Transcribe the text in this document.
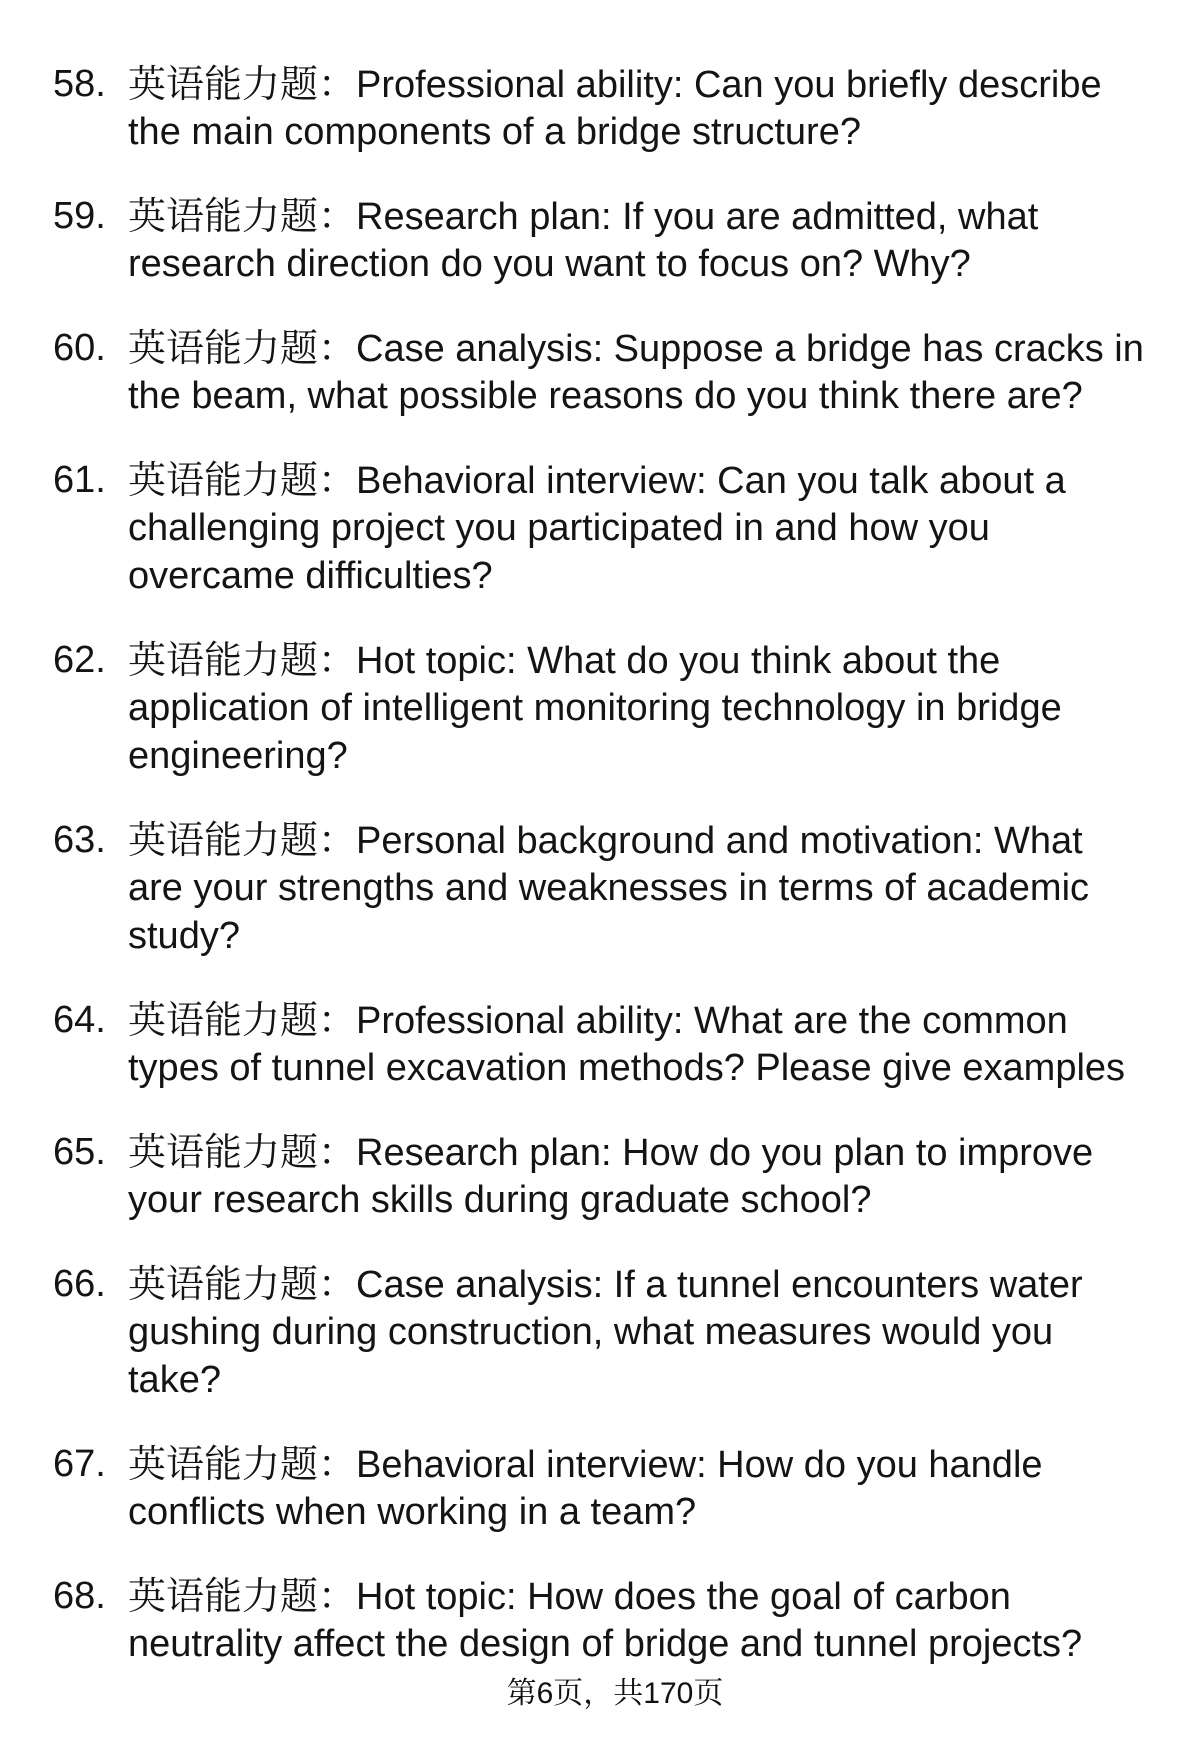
58. 英语能力题：Professional ability: Can you briefly describe
the main components of a bridge structure?
59. 英语能力题：Research plan: If you are admitted, what
research direction do you want to focus on? Why?
60. 英语能力题：Case analysis: Suppose a bridge has cracks in
the beam, what possible reasons do you think there are?
61. 英语能力题：Behavioral interview: Can you talk about a
challenging project you participated in and how you
overcame difficulties?
62. 英语能力题：Hot topic: What do you think about the
application of intelligent monitoring technology in bridge
engineering?
63. 英语能力题：Personal background and motivation: What
are your strengths and weaknesses in terms of academic
study?
64. 英语能力题：Professional ability: What are the common
types of tunnel excavation methods? Please give examples
65. 英语能力题：Research plan: How do you plan to improve
your research skills during graduate school?
66. 英语能力题：Case analysis: If a tunnel encounters water
gushing during construction, what measures would you
take?
67. 英语能力题：Behavioral interview: How do you handle
conflicts when working in a team?
68. 英语能力题：Hot topic: How does the goal of carbon
neutrality affect the design of bridge and tunnel projects?
第6页，共170页
